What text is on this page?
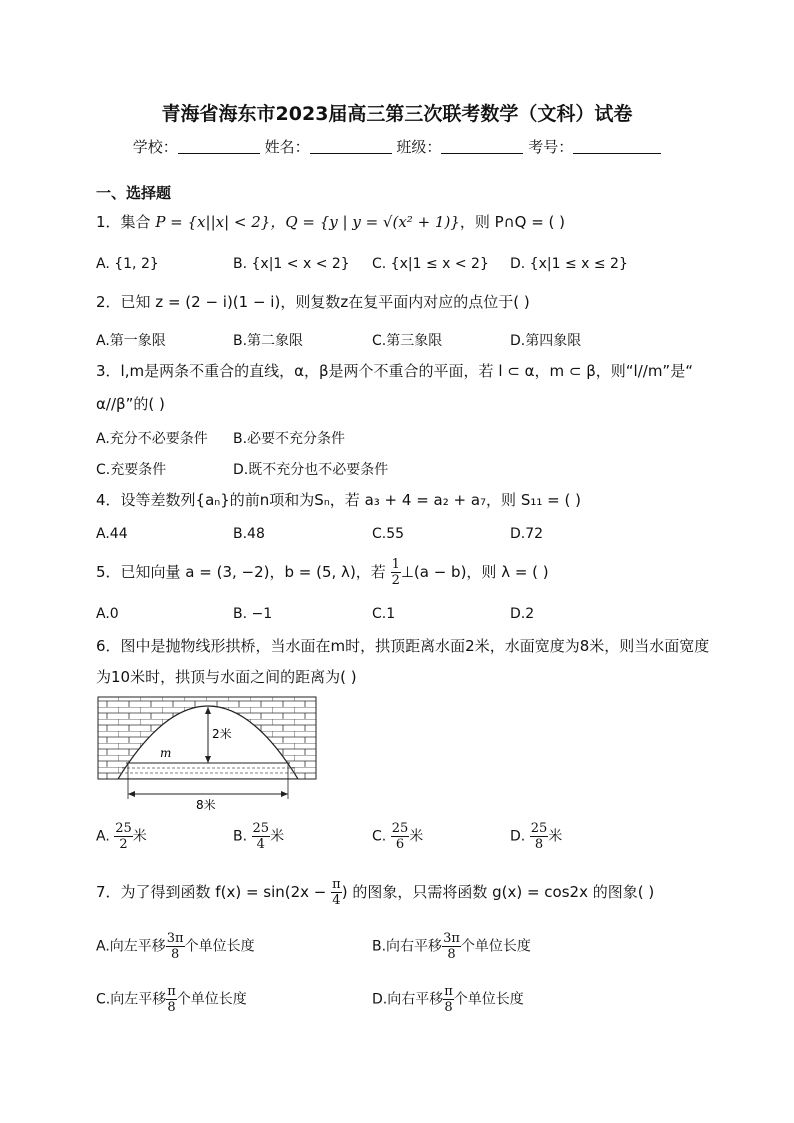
青海省海东市2023届高三第三次联考数学（文科）试卷
学校：	姓名：	班级：	考号：
一、选择题
1．集合 P = {x||x| < 2}，Q = {y | y = √(x² + 1)}，则 P∩Q = ( )
A. {1, 2}	B. {x|1 < x < 2} C. {x|1 ≤ x < 2} D. {x|1 ≤ x ≤ 2}
2．已知 z = (2 − i)(1 − i)，则复数z在复平面内对应的点位于( )
A.第一象限	B.第二象限	C.第三象限	D.第四象限
3．l,m是两条不重合的直线，α，β是两个不重合的平面，若 l ⊂ α，m ⊂ β，则“l//m”是“
α//β”的( )
A.充分不必要条件 B.必要不充分条件
C.充要条件	D.既不充分也不必要条件
4．设等差数列{aₙ}的前n项和为Sₙ，若 a₃ + 4 = a₂ + a₇，则 S₁₁ = ( )
A.44	B.48	C.55	D.72
5．已知向量 a = (3, −2)，b = (5, λ)，若 $\frac{1}{2}$ ⊥(a − b)，则 λ = ( )
A.0	B. −1	C.1	D.2
6．图中是抛物线形拱桥，当水面在m时，拱顶距离水面2米，水面宽度为8米，则当水面宽度
为10米时，拱顶与水面之间的距离为( )
2米
m
8米
A. $\frac{25}{2}$ 米	B. $\frac{25}{4}$ 米	C. $\frac{25}{6}$ 米	D. $\frac{25}{8}$ 米
7．为了得到函数 $f(x) = \sin(2x - \frac{\pi}{4}$ ) 的图象，只需将函数 g(x) = cos2x 的图象( )
A.向左平移 $\frac{3\pi}{8}$ 个单位长度	B.向右平移 $\frac{3\pi}{8}$ 个单位长度
C.向左平移 $\frac{\pi}{8}$ 个单位长度	D.向右平移 $\frac{\pi}{8}$ 个单位长度
